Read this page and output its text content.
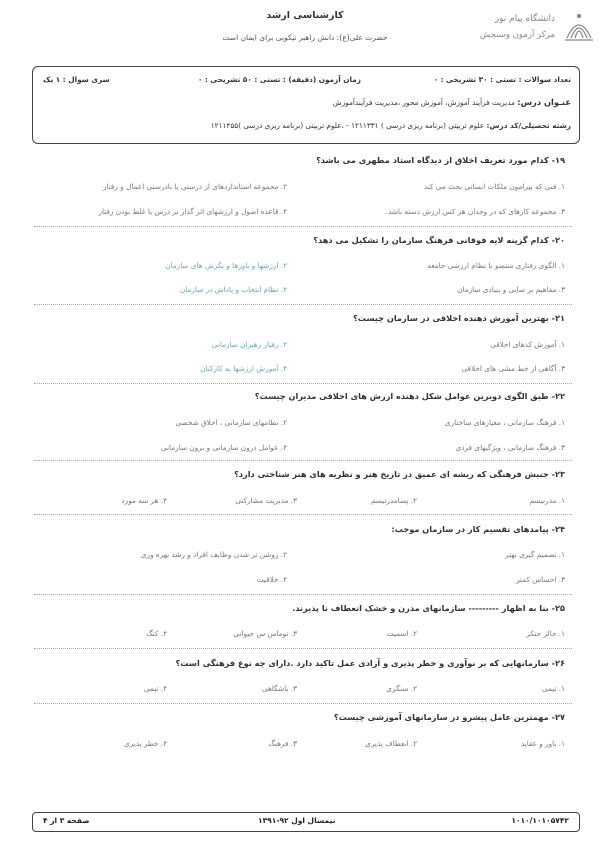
کارشناسی ارشد
حضرت علی(ع): دانش راهبر نیکویی برای ایمان است
دانشگاه پیام نور
مرکز آزمون وسنجش
تعداد سوالات : تستی : ۳۰ تشریحی : ۰
زمان آزمون (دقیقه) : تستی : ۵۰ تشریحی : ۰
سری سوال : ۱ یک
عنـوان درس: مدیریت فرآیند آموزش، آموزش محور ،مدیریت فرآیندآموزش
رشته تحصیلی/کد درس: علوم تربیتی (برنامه ریزی درسی ) ۱۲۱۱۳۳۱ - ،علوم تربیتی (برنامه ریزی درسی )۱۲۱۱۴۵۵
۱۹- کدام مورد تعریف اخلاق از دیدگاه استاد مطهری می باشد؟
۱. فنی که پیرامون ملکات انسانی بحث می کند
۲. مجموعه استانداردهای از درستی یا نادرستی اعمال و رفتار
۳. مجموعه کارهای که در وجدان هر کس ارزش دسته باشد.
۴. قاعده اصول و ارزشهای اثر گذار بر درس یا غلط بودن رفتار
۲۰- کدام گزینه لایه فوقانی فرهنگ سازمان را تشکیل می دهد؟
۱. الگوی رفتاری منتضو با نظام ارزشی جامعه
۲. ارزشها و باورها و نگرش های سازمان
۳. مفاهیم بر سایی و بنیادی سازمان
۴. نظام انتخاب و پاداش در سازمان
۲۱- بهترین آموزش دهنده اخلاقی در سازمان چیست؟
۱. آموزش کدهای اخلاقی
۲. رفتار رهبران سازمانی
۳. آگاهی از خط مشی های اخلاقی
۴. آموزش ارزشها به کارکنان
۲۲- طبق الگوی دوبرین عوامل شکل دهنده ارزش های اخلاقی مدیران چیست؟
۱. فرهنگ سازمانی ، معیارهای ساختاری
۲. نظامهای سازمانی ، اخلاق شخصی
۳. فرهنگ سازمانی ، ویژگیهای فردی
۴. عوامل درون سازمانی و برون سازمانی
۲۳- جنبش فرهنگی که ریشه ای عمیق در تاریخ هنر و نظریه های هنر شناختی دارد؟
۱. مدرنیسم
۲. پسامدرنیسم
۳. مدیریت مشارکتی
۴. هر سه مورد
۲۴- پیامدهای تقسیم کار در سازمان موجب:
۱. تصمیم گیری بهتر
۲. روشن تر شدن وظایف افراد و رشد بهره وری
۳. احساس کمتر
۴. خلاقیت
۲۵- بنا به اظهار --------- سازمانهای مدرن و خشک انعطاف نا پذیرند.
۱. جالز جنکز
۲. اسمیت
۳. توماس س جیوانی
۴. کنگ
۲۶- سازمانهایی که بر نوآوری و خطر پذیری و آزادی عمل تاکید دارد .دارای چه نوع فرهنگی است؟
۱. تیمی
۲. سنگری
۳. باشگاهی
۴. تیمی
۲۷- مهمترین عامل پیشرو در سازمانهای آموزشی چیست؟
۱. باور و عقاید
۲. انعطاف پذیری
۳. فرهنگ
۴. خطر پذیری
صفحه ۳ از ۴	نیمسال اول ۹۲-۱۳۹۱	۱۰۱۰/۱۰۱۰۵۷۴۲
